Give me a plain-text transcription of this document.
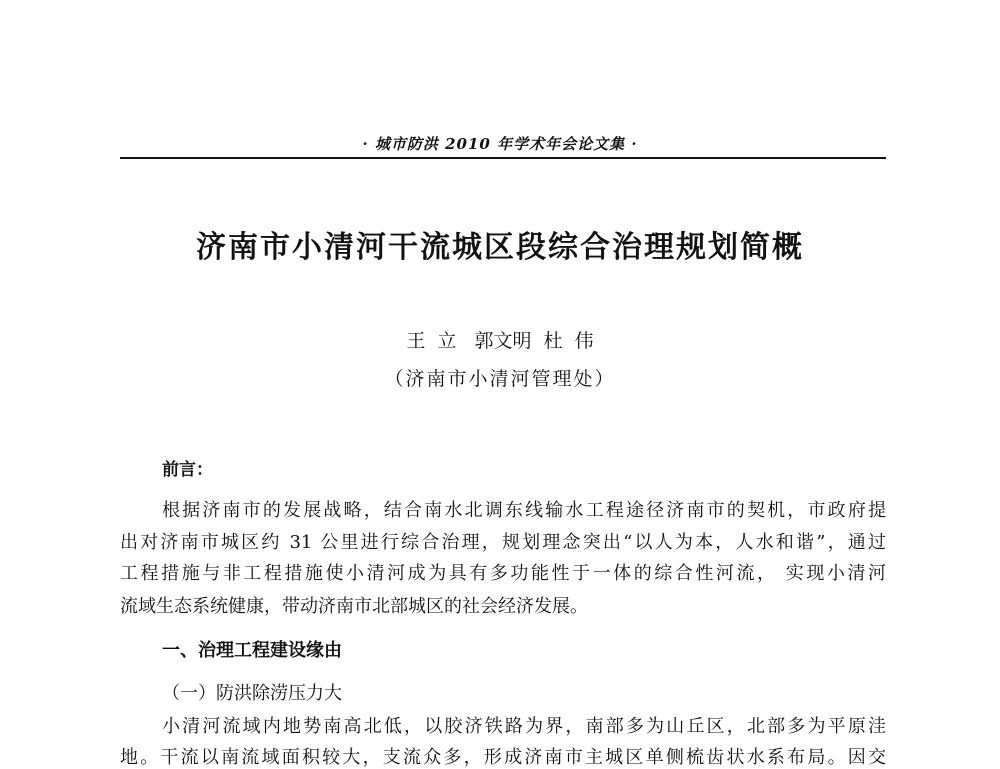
· 城市防洪 2010 年学术年会论文集 ·
济南市小清河干流城区段综合治理规划简概
王  立   郭文明  杜  伟
（济南市小清河管理处）
前言：
根据济南市的发展战略，结合南水北调东线输水工程途径济南市的契机，市政府提
出对济南市城区约 31 公里进行综合治理，规划理念突出“以人为本，人水和谐”，通过
工程措施与非工程措施使小清河成为具有多功能性于一体的综合性河流， 实现小清河
流域生态系统健康，带动济南市北部城区的社会经济发展。
一、治理工程建设缘由
（一）防洪除涝压力大
小清河流域内地势南高北低，以胶济铁路为界，南部多为山丘区，北部多为平原洼
地。干流以南流域面积较大，支流众多，形成济南市主城区单侧梳齿状水系布局。因交
